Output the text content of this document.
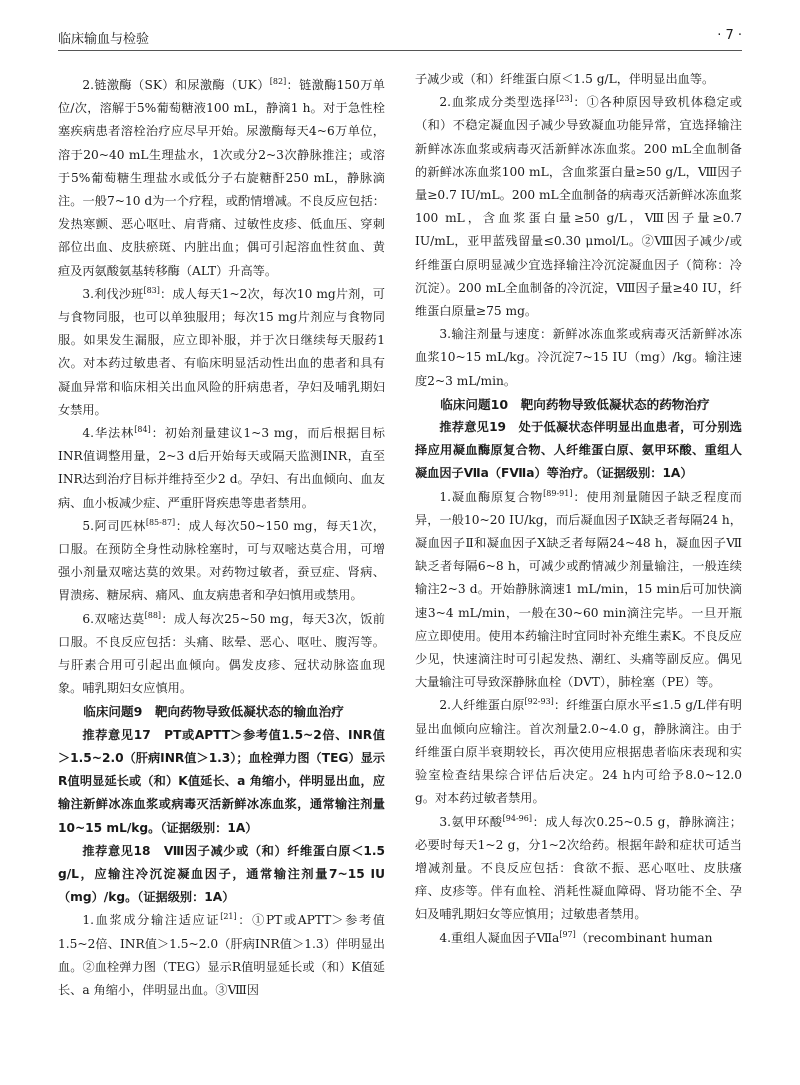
临床输血与检验	· 7 ·

2.链激酶（SK）和尿激酶（UK）[82]：链激酶150万单位/次，溶解于5%葡萄糖液100 mL，静滴1 h。对于急性栓塞疾病患者溶栓治疗应尽早开始。尿激酶每天4~6万单位，溶于20~40 mL生理盐水，1次或分2~3次静脉推注；或溶于5%葡萄糖生理盐水或低分子右旋糖酐250 mL，静脉滴注。一般7~10 d为一个疗程，或酌情增减。不良反应包括：发热寒颤、恶心呕吐、肩背痛、过敏性皮疹、低血压、穿刺部位出血、皮肤瘀斑、内脏出血；偶可引起溶血性贫血、黄疸及丙氨酸氨基转移酶（ALT）升高等。

3.利伐沙班[83]：成人每天1~2次，每次10 mg片剂，可与食物同服，也可以单独服用；每次15 mg片剂应与食物同服。如果发生漏服，应立即补服，并于次日继续每天服药1次。对本药过敏患者、有临床明显活动性出血的患者和具有凝血异常和临床相关出血风险的肝病患者，孕妇及哺乳期妇女禁用。

4.华法林[84]：初始剂量建议1~3 mg，而后根据目标INR值调整用量，2~3 d后开始每天或隔天监测INR，直至INR达到治疗目标并维持至少2 d。孕妇、有出血倾向、血友病、血小板减少症、严重肝肾疾患等患者禁用。

5.阿司匹林[85-87]：成人每次50~150 mg，每天1次，口服。在预防全身性动脉栓塞时，可与双嘧达莫合用，可增强小剂量双嘧达莫的效果。对药物过敏者，蚕豆症、肾病、胃溃疡、糖尿病、痛风、血友病患者和孕妇慎用或禁用。

6.双嘧达莫[88]：成人每次25~50 mg，每天3次，饭前口服。不良反应包括：头痛、眩晕、恶心、呕吐、腹泻等。与肝素合用可引起出血倾向。偶发皮疹、冠状动脉盗血现象。哺乳期妇女应慎用。

临床问题9　靶向药物导致低凝状态的输血治疗

推荐意见17　PT或APTT＞参考值1.5~2倍、INR值＞1.5~2.0（肝病INR值＞1.3）；血栓弹力图（TEG）显示R值明显延长或（和）K值延长、a 角缩小，伴明显出血，应输注新鲜冰冻血浆或病毒灭活新鲜冰冻血浆，通常输注剂量10~15 mL/kg。（证据级别：1A）

推荐意见18　Ⅷ因子减少或（和）纤维蛋白原＜1.5 g/L，应输注冷沉淀凝血因子，通常输注剂量7~15 IU（mg）/kg。（证据级别：1A）

1.血浆成分输注适应证[21]：①PT或APTT＞参考值1.5~2倍、INR值＞1.5~2.0（肝病INR值＞1.3）伴明显出血。②血栓弹力图（TEG）显示R值明显延长或（和）K值延长、a 角缩小，伴明显出血。③Ⅷ因

子减少或（和）纤维蛋白原＜1.5 g/L，伴明显出血等。

2.血浆成分类型选择[23]：①各种原因导致机体稳定或（和）不稳定凝血因子减少导致凝血功能异常，宜选择输注新鲜冰冻血浆或病毒灭活新鲜冰冻血浆。200 mL全血制备的新鲜冰冻血浆100 mL，含血浆蛋白量≥50 g/L，Ⅷ因子量≥0.7 IU/mL。200 mL全血制备的病毒灭活新鲜冰冻血浆100 mL，含血浆蛋白量≥50 g/L，Ⅷ因子量≥0.7 IU/mL，亚甲蓝残留量≤0.30 μmol/L。②Ⅷ因子减少/或纤维蛋白原明显减少宜选择输注冷沉淀凝血因子（简称：冷沉淀）。200 mL全血制备的冷沉淀，Ⅷ因子量≥40 IU，纤维蛋白原量≥75 mg。

3.输注剂量与速度：新鲜冰冻血浆或病毒灭活新鲜冰冻血浆10~15 mL/kg。冷沉淀7~15 IU（mg）/kg。输注速度2~3 mL/min。

临床问题10　靶向药物导致低凝状态的药物治疗

推荐意见19　处于低凝状态伴明显出血患者，可分别选择应用凝血酶原复合物、人纤维蛋白原、氨甲环酸、重组人凝血因子Ⅶa（FⅦa）等治疗。（证据级别：1A）

1.凝血酶原复合物[89-91]：使用剂量随因子缺乏程度而异，一般10~20 IU/kg，而后凝血因子Ⅸ缺乏者每隔24 h，凝血因子Ⅱ和凝血因子Ⅹ缺乏者每隔24~48 h，凝血因子Ⅶ缺乏者每隔6~8 h，可减少或酌情减少剂量输注，一般连续输注2~3 d。开始静脉滴速1 mL/min，15 min后可加快滴速3~4 mL/min，一般在30~60 min滴注完毕。一旦开瓶应立即使用。使用本药输注时宜同时补充维生素K。不良反应少见，快速滴注时可引起发热、潮红、头痛等副反应。偶见大量输注可导致深静脉血栓（DVT），肺栓塞（PE）等。

2.人纤维蛋白原[92-93]：纤维蛋白原水平≤1.5 g/L伴有明显出血倾向应输注。首次剂量2.0~4.0 g，静脉滴注。由于纤维蛋白原半衰期较长，再次使用应根据患者临床表现和实验室检查结果综合评估后决定。24 h内可给予8.0~12.0 g。对本药过敏者禁用。

3.氨甲环酸[94-96]：成人每次0.25~0.5 g，静脉滴注；必要时每天1~2 g，分1~2次给药。根据年龄和症状可适当增减剂量。不良反应包括：食欲不振、恶心呕吐、皮肤瘙痒、皮疹等。伴有血栓、消耗性凝血障碍、肾功能不全、孕妇及哺乳期妇女等应慎用；过敏患者禁用。

4.重组人凝血因子Ⅶa[97]（recombinant human
